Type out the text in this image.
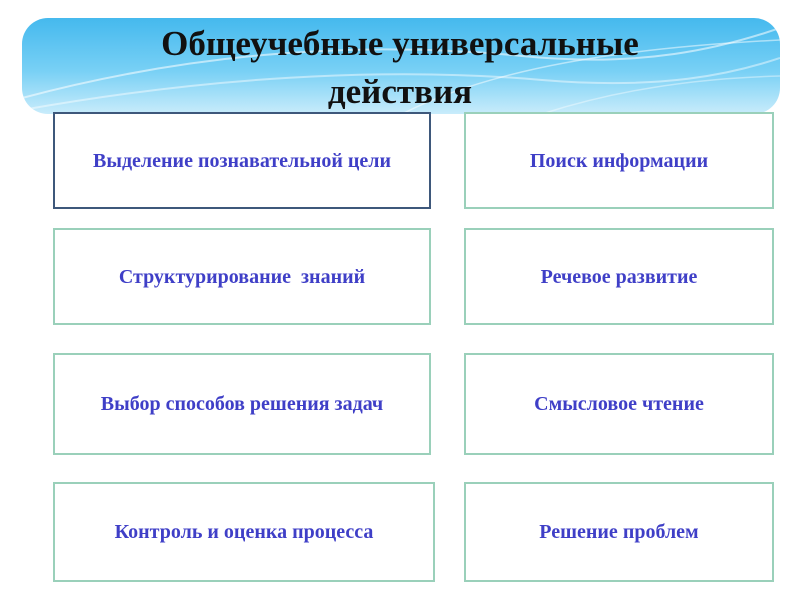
Общеучебные универсальные
действия
Выделение познавательной цели	Поиск информации
Структурирование  знаний	Речевое развитие
Выбор способов решения задач	Смысловое чтение
Контроль и оценка процесса	Решение проблем
